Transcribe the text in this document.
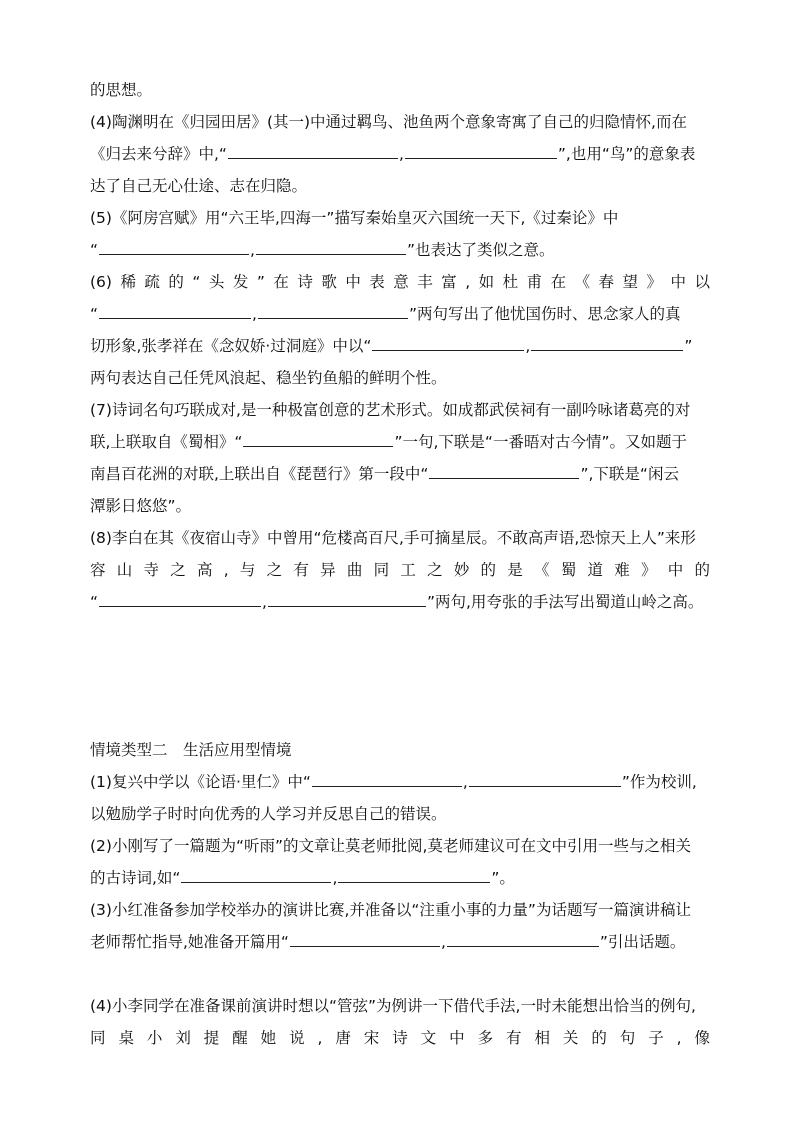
的思想。
(4)陶渊明在《归园田居》(其一)中通过羁鸟、池鱼两个意象寄寓了自己的归隐情怀,而在
《归去来兮辞》中,“	,	”,也用“鸟”的意象表
达了自己无心仕途、志在归隐。
(5)《阿房宫赋》用“六王毕,四海一”描写秦始皇灭六国统一天下,《过秦论》中
“	,	”也表达了类似之意。
(6)稀疏的“头发”在诗歌中表意丰富,如杜甫在《春望》中以
“	,	”两句写出了他忧国伤时、思念家人的真
切形象,张孝祥在《念奴娇·过洞庭》中以“	,	”
两句表达自己任凭风浪起、稳坐钓鱼船的鲜明个性。
(7)诗词名句巧联成对,是一种极富创意的艺术形式。如成都武侯祠有一副吟咏诸葛亮的对
联,上联取自《蜀相》“	”一句,下联是“一番晤对古今情”。又如题于
南昌百花洲的对联,上联出自《琵琶行》第一段中“	”,下联是“闲云
潭影日悠悠”。
(8)李白在其《夜宿山寺》中曾用“危楼高百尺,手可摘星辰。不敢高声语,恐惊天上人”来形
容山寺之高,与之有异曲同工之妙的是《蜀道难》中的
“	,	”两句,用夸张的手法写出蜀道山岭之高。
情境类型二　生活应用型情境
(1)复兴中学以《论语·里仁》中“	,	”作为校训,
以勉励学子时时向优秀的人学习并反思自己的错误。
(2)小刚写了一篇题为“听雨”的文章让莫老师批阅,莫老师建议可在文中引用一些与之相关
的古诗词,如“	,	”。
(3)小红准备参加学校举办的演讲比赛,并准备以“注重小事的力量”为话题写一篇演讲稿让
老师帮忙指导,她准备开篇用“	,	”引出话题。
(4)小李同学在准备课前演讲时想以“管弦”为例讲一下借代手法,一时未能想出恰当的例句,
同桌小刘提醒她说,唐宋诗文中多有相关的句子,像
